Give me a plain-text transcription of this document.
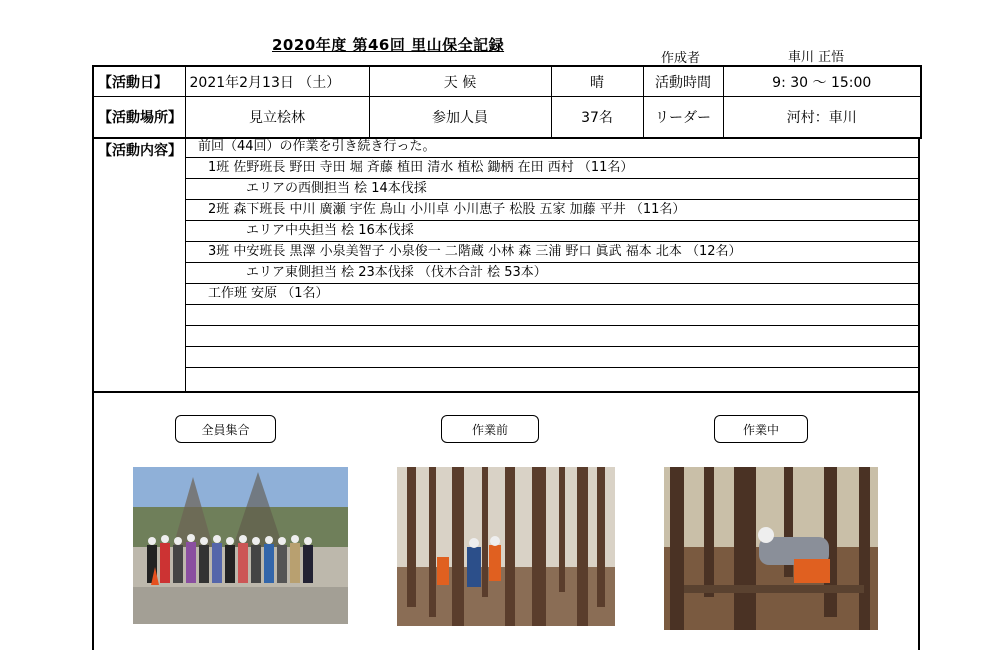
2020年度 第46回 里山保全記録
作成者	車川 正悟
【活動日】	2021年2月13日 （土）	天 候	晴	活動時間	9: 30 ～ 15:00
【活動場所】	見立桧林	参加人員	37名	リーダー	河村：車川
【活動内容】	前回（44回）の作業を引き続き行った。
1班 佐野班長 野田 寺田 堀 斉藤 植田 清水 植松 鋤柄 在田 西村 （11名）
エリアの西側担当 桧 14本伐採
2班 森下班長 中川 廣瀬 宇佐 鳥山 小川卓 小川恵子 松股 五家 加藤 平井 （11名）
エリア中央担当 桧 16本伐採
3班 中安班長 黒澤 小泉美智子 小泉俊一 二階蔵 小林 森 三浦 野口 眞武 福本 北本 （12名）
エリア東側担当 桧 23本伐採 （伐木合計 桧 53本）
工作班 安原 （1名）
全員集合	作業前	作業中
